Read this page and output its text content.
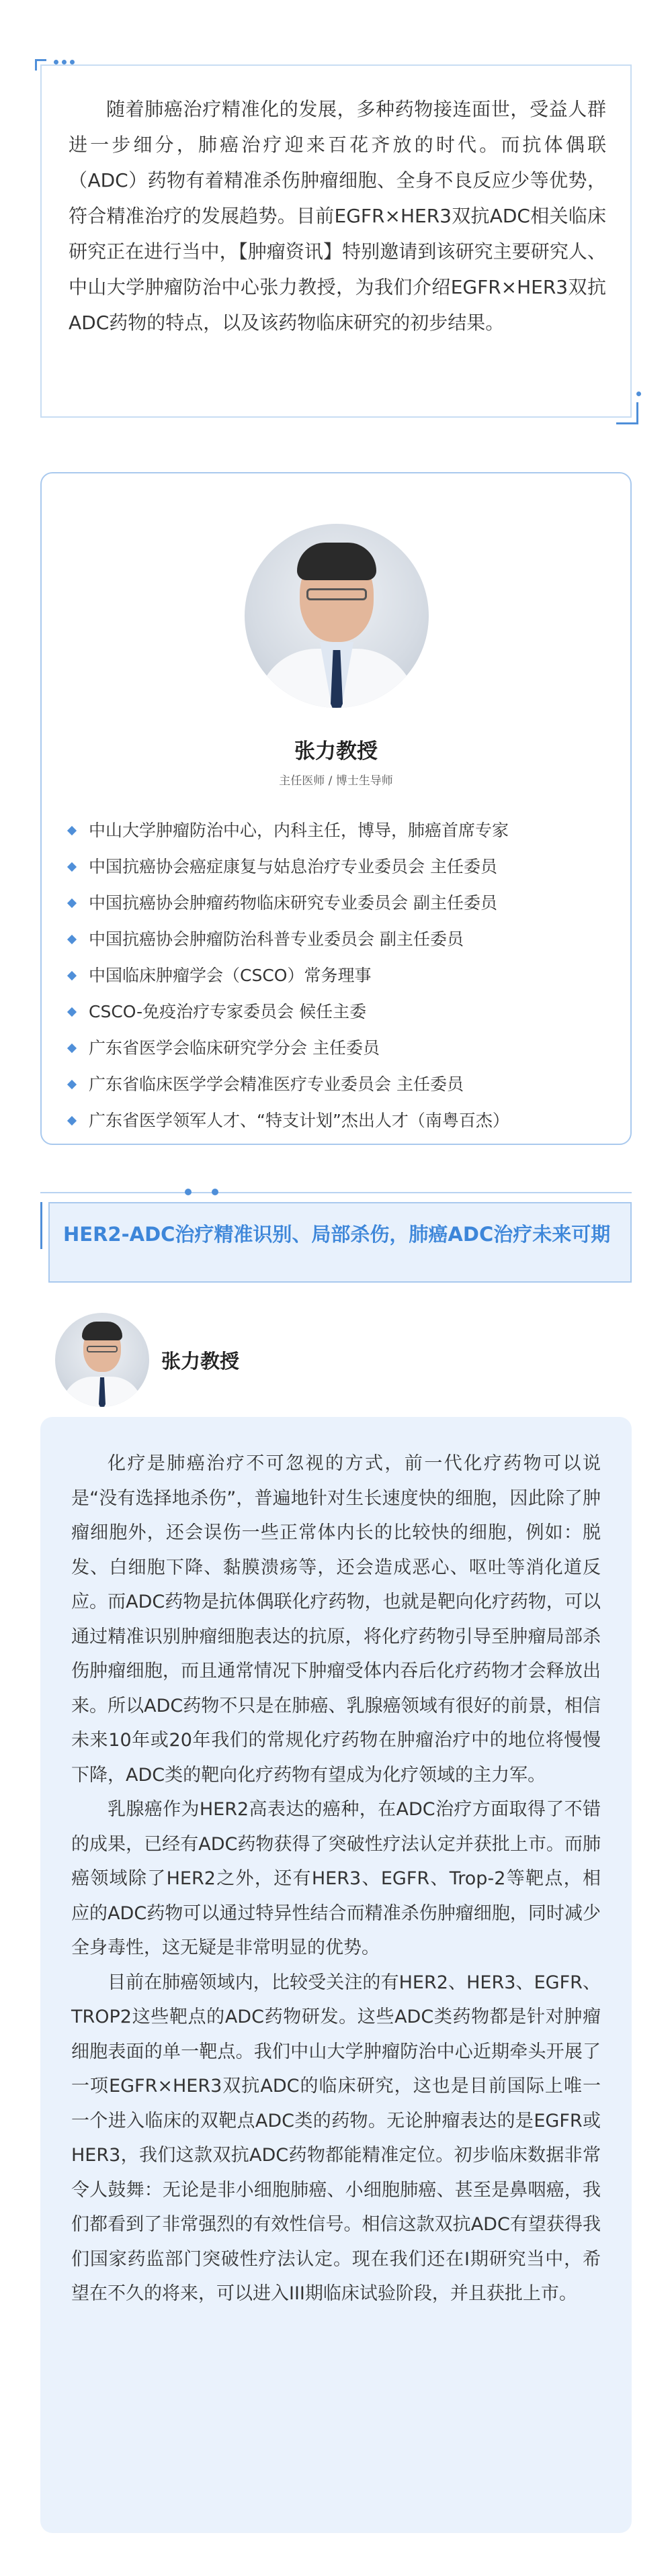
随着肺癌治疗精准化的发展，多种药物接连面世，受益人群进一步细分，肺癌治疗迎来百花齐放的时代。而抗体偶联（ADC）药物有着精准杀伤肿瘤细胞、全身不良反应少等优势，符合精准治疗的发展趋势。目前EGFR×HER3双抗ADC相关临床研究正在进行当中，【肿瘤资讯】特别邀请到该研究主要研究人、中山大学肿瘤防治中心张力教授，为我们介绍EGFR×HER3双抗ADC药物的特点，以及该药物临床研究的初步结果。

张力教授
主任医师 / 博士生导师
中山大学肿瘤防治中心，内科主任，博导，肺癌首席专家
中国抗癌协会癌症康复与姑息治疗专业委员会 主任委员
中国抗癌协会肿瘤药物临床研究专业委员会 副主任委员
中国抗癌协会肿瘤防治科普专业委员会 副主任委员
中国临床肿瘤学会（CSCO）常务理事
CSCO-免疫治疗专家委员会 候任主委
广东省医学会临床研究学分会 主任委员
广东省临床医学学会精准医疗专业委员会 主任委员
广东省医学领军人才、“特支计划”杰出人才（南粤百杰）
HER2-ADC治疗精准识别、局部杀伤，肺癌ADC治疗未来可期
张力教授

化疗是肺癌治疗不可忽视的方式，前一代化疗药物可以说是“没有选择地杀伤”，普遍地针对生长速度快的细胞，因此除了肿瘤细胞外，还会误伤一些正常体内长的比较快的细胞，例如：脱发、白细胞下降、黏膜溃疡等，还会造成恶心、呕吐等消化道反应。而ADC药物是抗体偶联化疗药物，也就是靶向化疗药物，可以通过精准识别肿瘤细胞表达的抗原，将化疗药物引导至肿瘤局部杀伤肿瘤细胞，而且通常情况下肿瘤受体内吞后化疗药物才会释放出来。所以ADC药物不只是在肺癌、乳腺癌领域有很好的前景，相信未来10年或20年我们的常规化疗药物在肿瘤治疗中的地位将慢慢下降，ADC类的靶向化疗药物有望成为化疗领域的主力军。

乳腺癌作为HER2高表达的癌种，在ADC治疗方面取得了不错的成果，已经有ADC药物获得了突破性疗法认定并获批上市。而肺癌领域除了HER2之外，还有HER3、EGFR、Trop-2等靶点，相应的ADC药物可以通过特异性结合而精准杀伤肿瘤细胞，同时减少全身毒性，这无疑是非常明显的优势。

目前在肺癌领域内，比较受关注的有HER2、HER3、EGFR、TROP2这些靶点的ADC药物研发。这些ADC类药物都是针对肿瘤细胞表面的单一靶点。我们中山大学肿瘤防治中心近期牵头开展了一项EGFR×HER3双抗ADC的临床研究，这也是目前国际上唯一一个进入临床的双靶点ADC类的药物。无论肿瘤表达的是EGFR或HER3，我们这款双抗ADC药物都能精准定位。初步临床数据非常令人鼓舞：无论是非小细胞肺癌、小细胞肺癌、甚至是鼻咽癌，我们都看到了非常强烈的有效性信号。相信这款双抗ADC有望获得我们国家药监部门突破性疗法认定。现在我们还在I期研究当中，希望在不久的将来，可以进入III期临床试验阶段，并且获批上市。
